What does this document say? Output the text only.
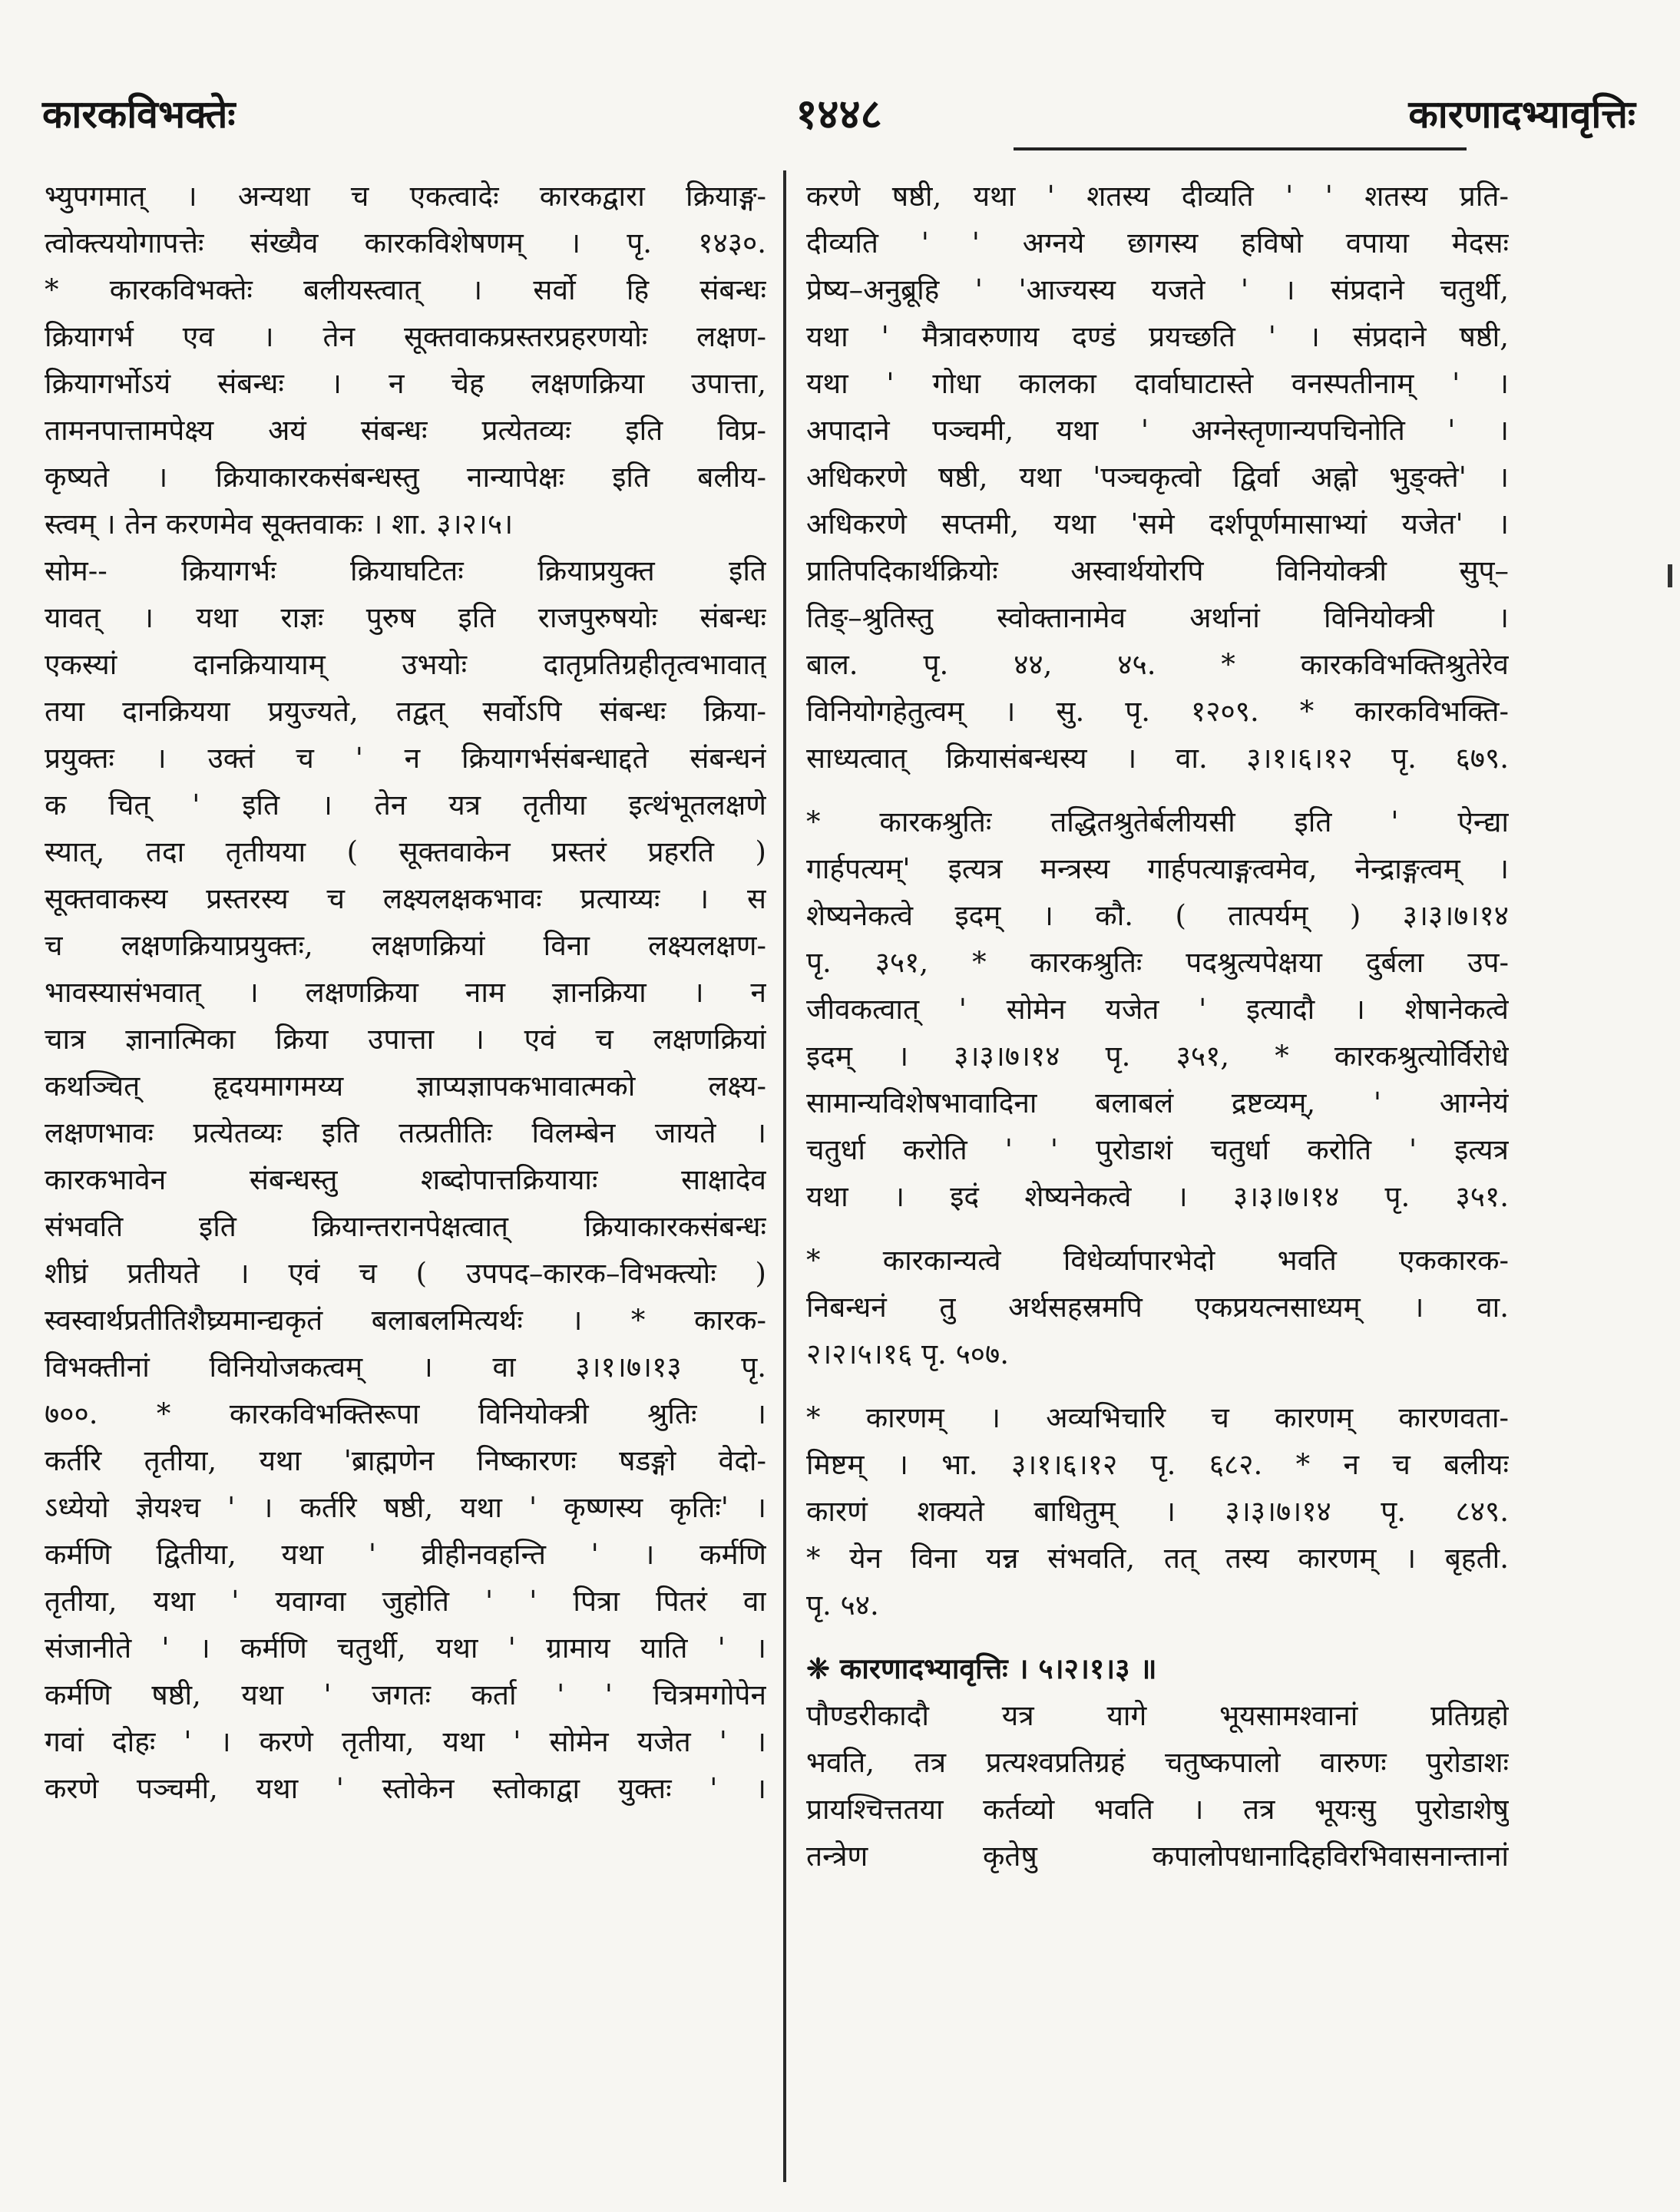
कारकविभक्तेः	१४४८	कारणादभ्यावृत्तिः
भ्युपगमात् । अन्यथा च एकत्वादेः कारकद्वारा क्रियाङ्ग-
त्वोक्त्ययोगापत्तेः संख्यैव कारकविशेषणम् । पृ. १४३०.
* कारकविभक्तेः बलीयस्त्वात् । सर्वो हि संबन्धः
क्रियागर्भ एव । तेन सूक्तवाकप्रस्तरप्रहरणयोः लक्षण-
क्रियागर्भोऽयं संबन्धः । न चेह लक्षणक्रिया उपात्ता,
तामनपात्तामपेक्ष्य अयं संबन्धः प्रत्येतव्यः इति विप्र-
कृष्यते । क्रियाकारकसंबन्धस्तु नान्यापेक्षः इति बलीय-
स्त्वम् । तेन करणमेव सूक्तवाकः । शा. ३।२।५।
सोम-- क्रियागर्भः क्रियाघटितः क्रियाप्रयुक्त इति
यावत् । यथा राज्ञः पुरुष इति राजपुरुषयोः संबन्धः
एकस्यां दानक्रियायाम् उभयोः दातृप्रतिग्रहीतृत्वभावात्
तया दानक्रियया प्रयुज्यते, तद्वत् सर्वोऽपि संबन्धः क्रिया-
प्रयुक्तः । उक्तं च ' न क्रियागर्भसंबन्धाद्दते संबन्धनं
क चित् ' इति । तेन यत्र तृतीया इत्थंभूतलक्षणे
स्यात्, तदा तृतीयया ( सूक्तवाकेन प्रस्तरं प्रहरति )
सूक्तवाकस्य प्रस्तरस्य च लक्ष्यलक्षकभावः प्रत्याय्यः । स
च लक्षणक्रियाप्रयुक्तः, लक्षणक्रियां विना लक्ष्यलक्षण-
भावस्यासंभवात् । लक्षणक्रिया नाम ज्ञानक्रिया । न
चात्र ज्ञानात्मिका क्रिया उपात्ता । एवं च लक्षणक्रियां
कथञ्चित् हृदयमागमय्य ज्ञाप्यज्ञापकभावात्मको लक्ष्य-
लक्षणभावः प्रत्येतव्यः इति तत्प्रतीतिः विलम्बेन जायते ।
कारकभावेन संबन्धस्तु शब्दोपात्तक्रियायाः साक्षादेव
संभवति इति क्रियान्तरानपेक्षत्वात् क्रियाकारकसंबन्धः
शीघ्रं प्रतीयते । एवं च ( उपपद–कारक–विभक्त्योः )
स्वस्वार्थप्रतीतिशैघ्र्यमान्द्यकृतं बलाबलमित्यर्थः । * कारक-
विभक्तीनां विनियोजकत्वम् । वा ३।१।७।१३ पृ.
७००. * कारकविभक्तिरूपा विनियोक्त्री श्रुतिः ।
कर्तरि तृतीया, यथा 'ब्राह्मणेन निष्कारणः षडङ्गो वेदो-
ऽध्येयो ज्ञेयश्च ' । कर्तरि षष्ठी, यथा ' कृष्णस्य कृतिः' ।
कर्मणि द्वितीया, यथा ' व्रीहीनवहन्ति ' । कर्मणि
तृतीया, यथा ' यवाग्वा जुहोति ' ' पित्रा पितरं वा
संजानीते ' । कर्मणि चतुर्थी, यथा ' ग्रामाय याति ' ।
कर्मणि षष्ठी, यथा ' जगतः कर्ता ' ' चित्रमगोपेन
गवां दोहः ' । करणे तृतीया, यथा ' सोमेन यजेत ' ।
करणे पञ्चमी, यथा ' स्तोकेन स्तोकाद्वा युक्तः ' ।
करणे षष्ठी, यथा ' शतस्य दीव्यति ' ' शतस्य प्रति-
दीव्यति ' ' अग्नये छागस्य हविषो वपाया मेदसः
प्रेष्य–अनुब्रूहि ' 'आज्यस्य यजते ' । संप्रदाने चतुर्थी,
यथा ' मैत्रावरुणाय दण्डं प्रयच्छति ' । संप्रदाने षष्ठी,
यथा ' गोधा कालका दार्वाघाटास्ते वनस्पतीनाम् ' ।
अपादाने पञ्चमी, यथा ' अग्नेस्तृणान्यपचिनोति ' ।
अधिकरणे षष्ठी, यथा 'पञ्चकृत्वो द्विर्वा अह्नो भुङ्क्ते' ।
अधिकरणे सप्तमी, यथा 'समे दर्शपूर्णमासाभ्यां यजेत' ।
प्रातिपदिकार्थक्रियोः अस्वार्थयोरपि विनियोक्त्री सुप्–
तिङ्–श्रुतिस्तु स्वोक्तानामेव अर्थानां विनियोक्त्री ।
बाल. पृ. ४४, ४५. * कारकविभक्तिश्रुतेरेव
विनियोगहेतुत्वम् । सु. पृ. १२०९. * कारकविभक्ति-
साध्यत्वात् क्रियासंबन्धस्य । वा. ३।१।६।१२ पृ. ६७९.
* कारकश्रुतिः तद्धितश्रुतेर्बलीयसी इति ' ऐन्द्या
गार्हपत्यम्' इत्यत्र मन्त्रस्य गार्हपत्याङ्गत्वमेव, नेन्द्राङ्गत्वम् ।
शेष्यनेकत्वे इदम् । कौ. ( तात्पर्यम् ) ३।३।७।१४
पृ. ३५१, * कारकश्रुतिः पदश्रुत्यपेक्षया दुर्बला उप-
जीवकत्वात् ' सोमेन यजेत ' इत्यादौ । शेषानेकत्वे
इदम् । ३।३।७।१४ पृ. ३५१, * कारकश्रुत्योर्विरोधे
सामान्यविशेषभावादिना बलाबलं द्रष्टव्यम्, ' आग्नेयं
चतुर्धा करोति ' ' पुरोडाशं चतुर्धा करोति ' इत्यत्र
यथा । इदं शेष्यनेकत्वे । ३।३।७।१४ पृ. ३५१.
* कारकान्यत्वे विधेर्व्यापारभेदो भवति एककारक-
निबन्धनं तु अर्थसहस्रमपि एकप्रयत्नसाध्यम् । वा.
२।२।५।१६ पृ. ५०७.
* कारणम् । अव्यभिचारि च कारणम् कारणवता-
मिष्टम् । भा. ३।१।६।१२ पृ. ६८२. * न च बलीयः
कारणं शक्यते बाधितुम् । ३।३।७।१४ पृ. ८४९.
* येन विना यन्न संभवति, तत् तस्य कारणम् । बृहती.
पृ. ५४.
❈ कारणादभ्यावृत्तिः । ५।२।१।३ ॥
पौण्डरीकादौ यत्र यागे भूयसामश्वानां प्रतिग्रहो
भवति, तत्र प्रत्यश्वप्रतिग्रहं चतुष्कपालो वारुणः पुरोडाशः
प्रायश्चित्ततया कर्तव्यो भवति । तत्र भूयःसु पुरोडाशेषु
तन्त्रेण कृतेषु कपालोपधानादिहविरभिवासनान्तानां
